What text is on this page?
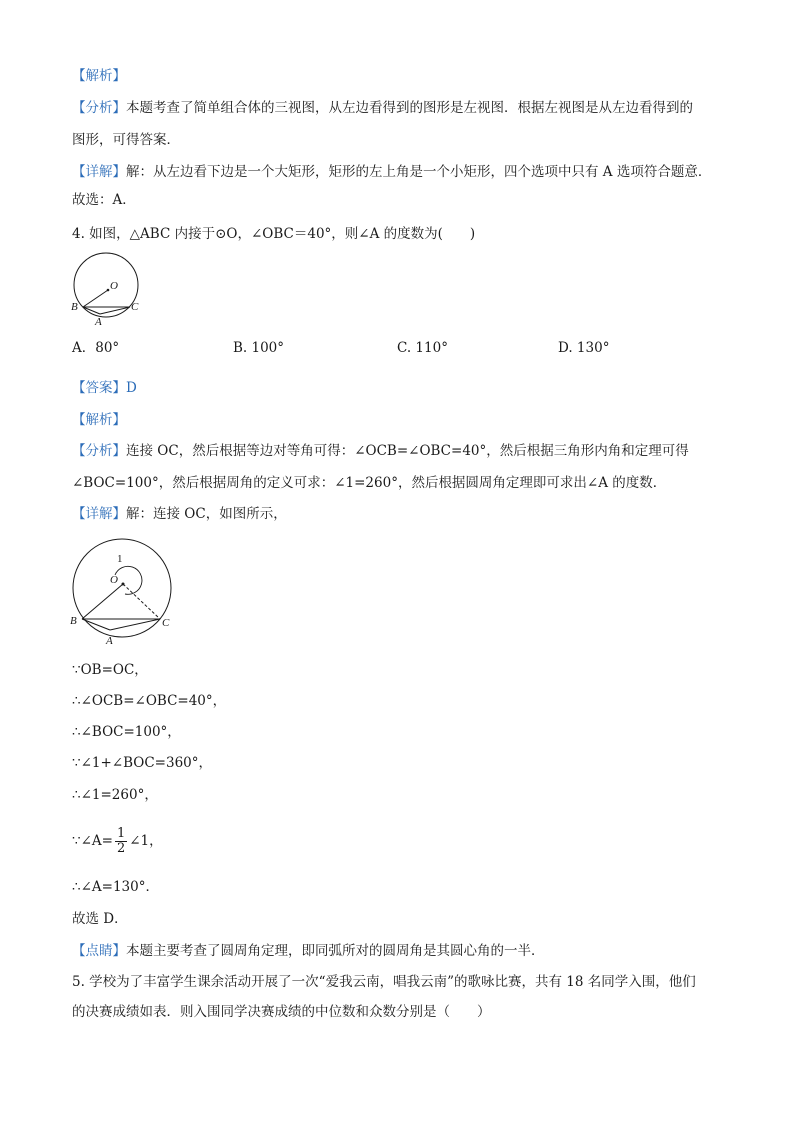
【解析】
【分析】本题考查了简单组合体的三视图，从左边看得到的图形是左视图．根据左视图是从左边看得到的
图形，可得答案．
【详解】解：从左边看下边是一个大矩形，矩形的左上角是一个小矩形，四个选项中只有 A 选项符合题意．
故选：A．
4. 如图，△ABC 内接于⊙O，∠OBC＝40°，则∠A 的度数为(　　)
O
B	C
A
A．80°	B. 100°	C. 110°	D. 130°
【答案】D
【解析】
【分析】连接 OC，然后根据等边对等角可得：∠OCB=∠OBC=40°，然后根据三角形内角和定理可得
∠BOC=100°，然后根据周角的定义可求：∠1=260°，然后根据圆周角定理即可求出∠A 的度数．
【详解】解：连接 OC，如图所示，
1
O
B	C
A
∵OB=OC，
∴∠OCB=∠OBC=40°，
∴∠BOC=100°，
∵∠1+∠BOC=360°，
∴∠1=260°，
∵∠A= $\frac{1}{2}$ ∠1，
∴∠A=130°．
故选 D．
【点睛】本题主要考查了圆周角定理，即同弧所对的圆周角是其圆心角的一半．
5. 学校为了丰富学生课余活动开展了一次“爱我云南，唱我云南”的歌咏比赛，共有 18 名同学入围，他们
的决赛成绩如表．则入围同学决赛成绩的中位数和众数分别是（　　）
